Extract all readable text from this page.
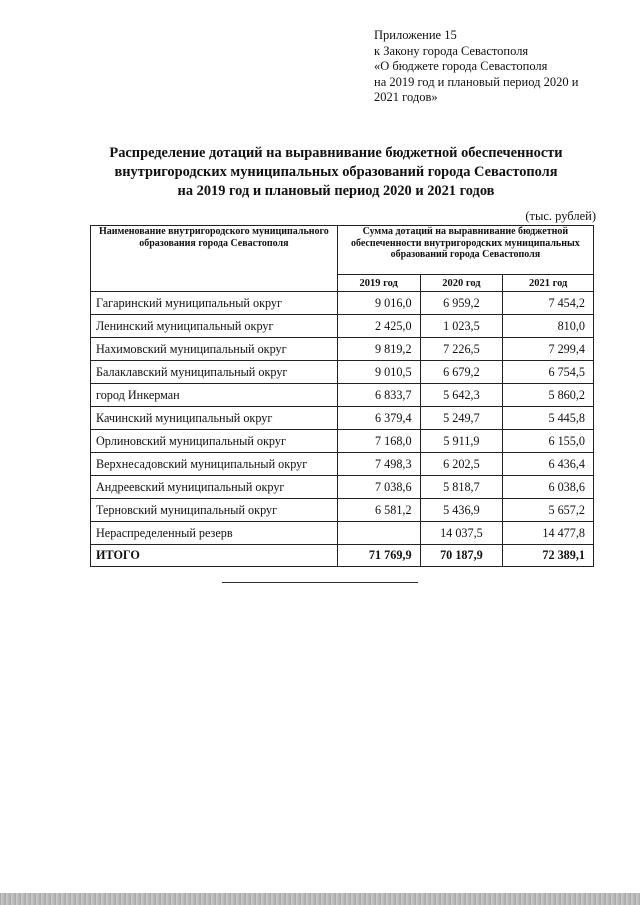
Приложение 15
к Закону города Севастополя
«О бюджете города Севастополя
на 2019 год и плановый период 2020 и
2021 годов»
Распределение дотаций на выравнивание бюджетной обеспеченности
внутригородских муниципальных образований города Севастополя
на 2019 год и плановый период 2020 и 2021 годов
(тыс. рублей)
Наименование внутригородского муниципального образования города Севастополя	Сумма дотаций на выравнивание бюджетной обеспеченности внутригородских муниципальных образований города Севастополя		
	2019 год	2020 год	2021 год
Гагаринский муниципальный округ	9 016,0	6 959,2	7 454,2
Ленинский муниципальный округ	2 425,0	1 023,5	810,0
Нахимовский муниципальный округ	9 819,2	7 226,5	7 299,4
Балаклавский муниципальный округ	9 010,5	6 679,2	6 754,5
город Инкерман	6 833,7	5 642,3	5 860,2
Качинский муниципальный округ	6 379,4	5 249,7	5 445,8
Орлиновский муниципальный округ	7 168,0	5 911,9	6 155,0
Верхнесадовский муниципальный округ	7 498,3	6 202,5	6 436,4
Андреевский муниципальный округ	7 038,6	5 818,7	6 038,6
Терновский муниципальный округ	6 581,2	5 436,9	5 657,2
Нераспределенный резерв		14 037,5	14 477,8
ИТОГО	71 769,9	70 187,9	72 389,1
